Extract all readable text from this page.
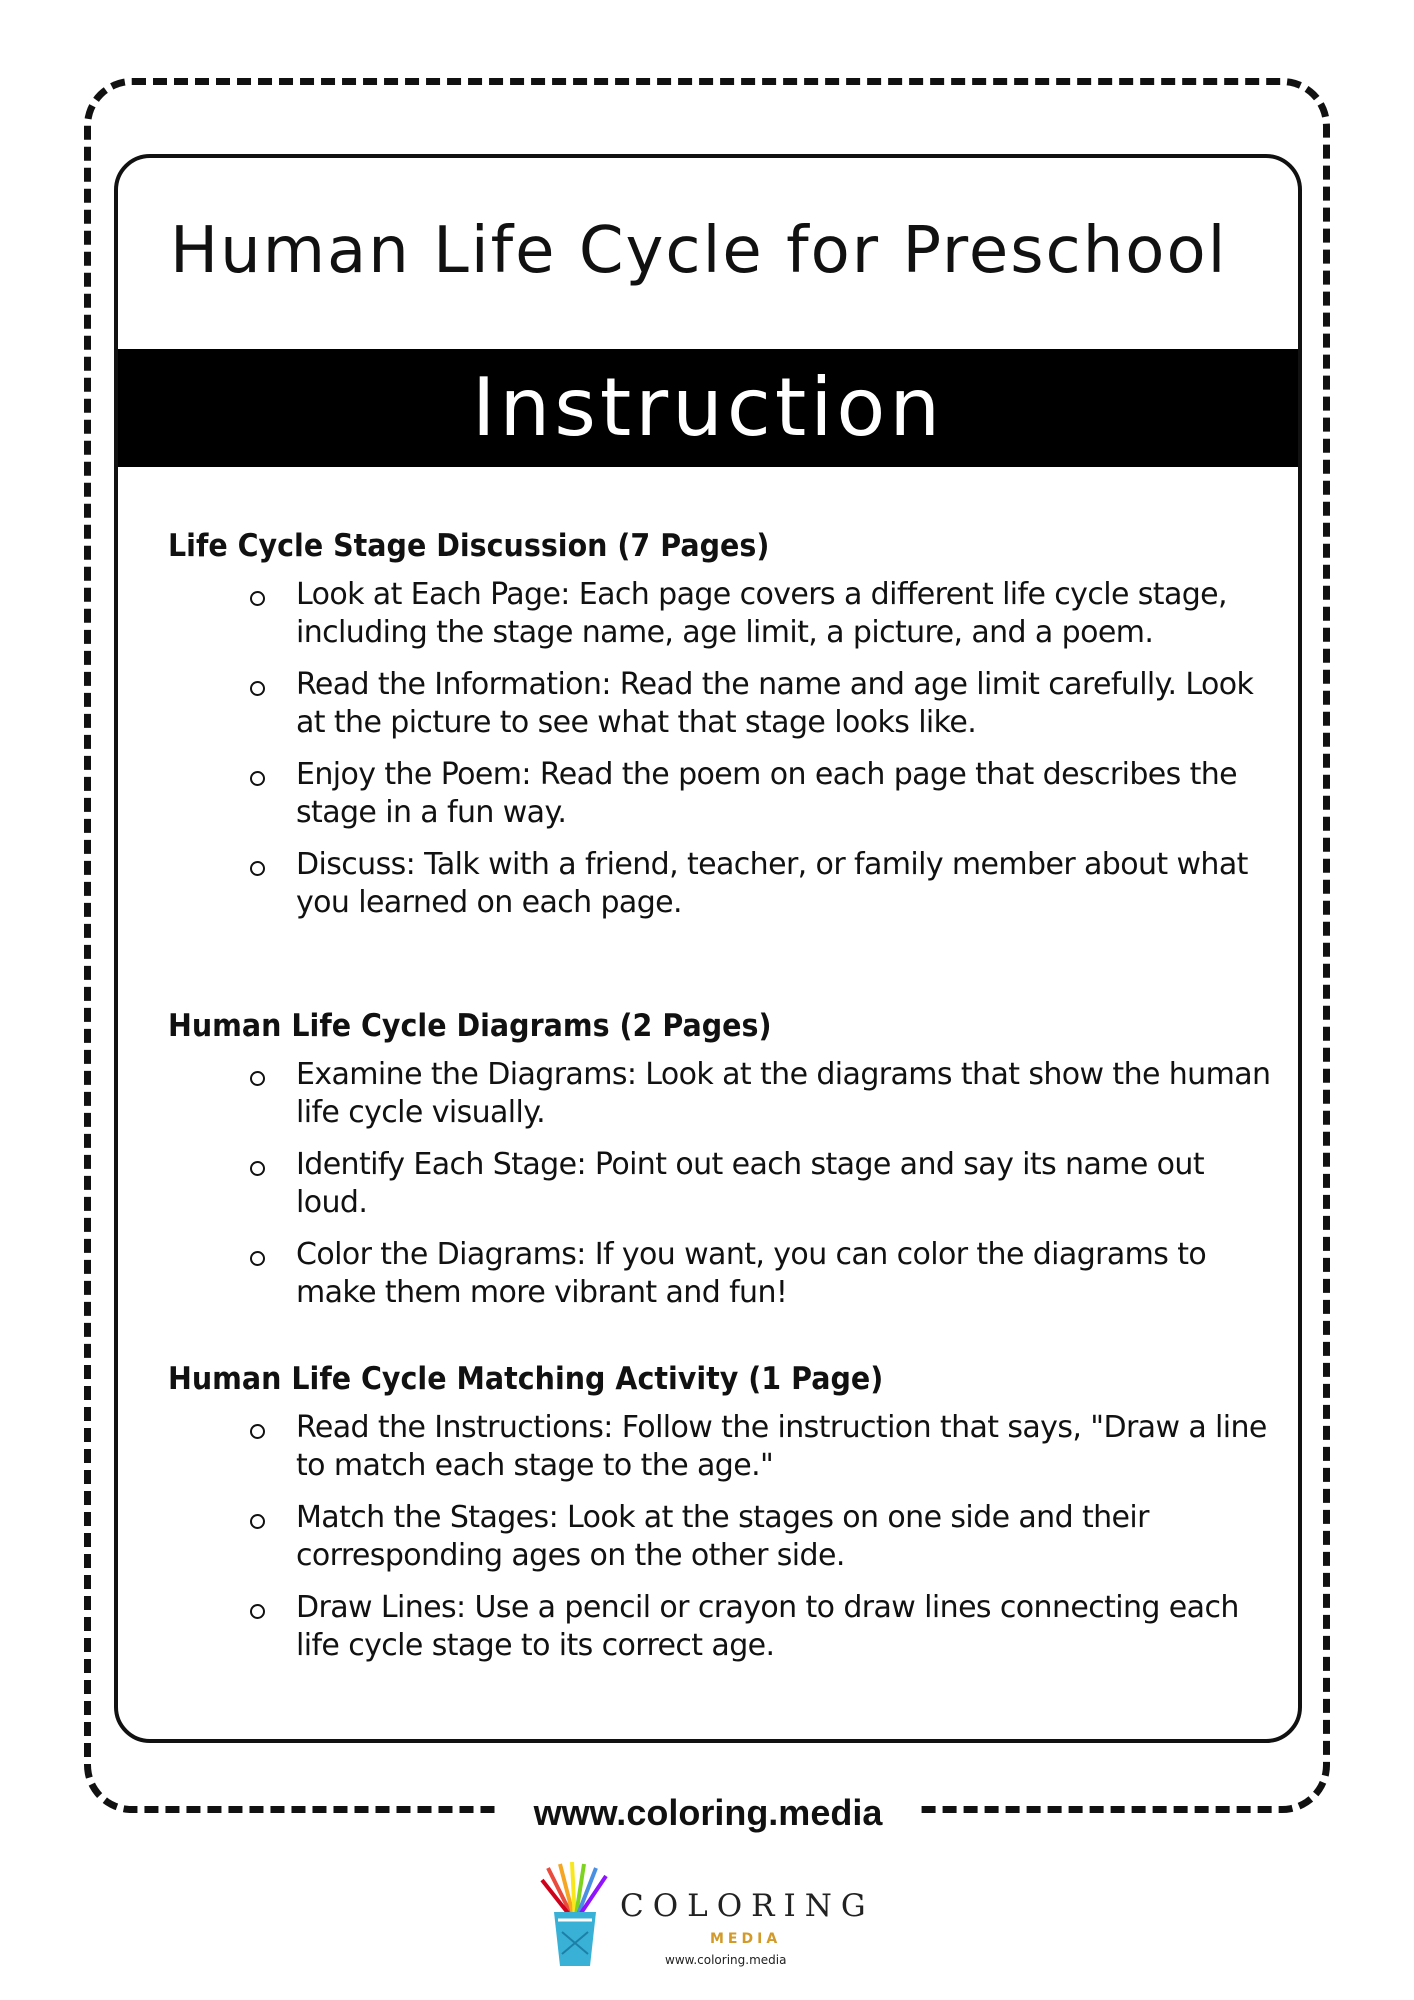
www.coloring.media
Human Life Cycle for Preschool
Instruction
Life Cycle Stage Discussion (7 Pages)
Look at Each Page: Each page covers a different life cycle stage, including the stage name, age limit, a picture, and a poem.
Read the Information: Read the name and age limit carefully. Look at the picture to see what that stage looks like.
Enjoy the Poem: Read the poem on each page that describes the stage in a fun way.
Discuss: Talk with a friend, teacher, or family member about what you learned on each page.
Human Life Cycle Diagrams (2 Pages)
Examine the Diagrams: Look at the diagrams that show the human life cycle visually.
Identify Each Stage: Point out each stage and say its name out loud.
Color the Diagrams: If you want, you can color the diagrams to make them more vibrant and fun!
Human Life Cycle Matching Activity (1 Page)
Read the Instructions: Follow the instruction that says, "Draw a line to match each stage to the age."
Match the Stages: Look at the stages on one side and their corresponding ages on the other side.
Draw Lines: Use a pencil or crayon to draw lines connecting each life cycle stage to its correct age.
COLORING
MEDIA
www.coloring.media
